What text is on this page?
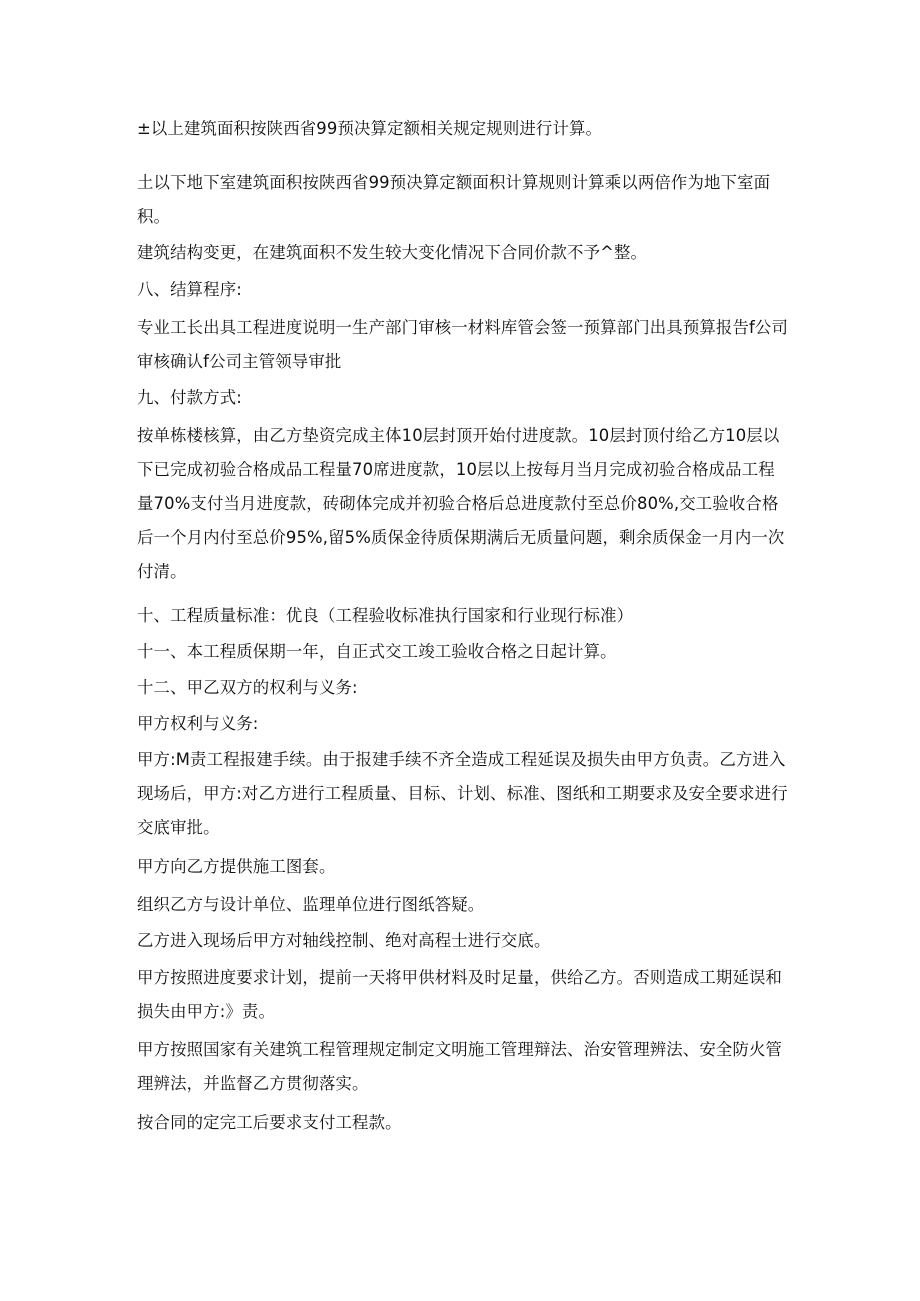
±以上建筑面积按陕西省99预决算定额相关规定规则进行计算。

土以下地下室建筑面积按陕西省99预决算定额面积计算规则计算乘以两倍作为地下室面积。

建筑结构变更，在建筑面积不发生较大变化情况下合同价款不予^整。

八、结算程序:

专业工长出具工程进度说明一生产部门审核一材料库管会签一预算部门出具预算报告f公司审核确认f公司主管领导审批

九、付款方式:

按单栋楼核算，由乙方垫资完成主体10层封顶开始付进度款。10层封顶付给乙方10层以下已完成初验合格成品工程量70席进度款，10层以上按每月当月完成初验合格成品工程量70%支付当月进度款，砖砌体完成并初验合格后总进度款付至总价80%,交工验收合格后一个月内付至总价95%,留5%质保金待质保期满后无质量问题，剩余质保金一月内一次付清。

十、工程质量标准：优良（工程验收标准执行国家和行业现行标准）

十一、本工程质保期一年，自正式交工竣工验收合格之日起计算。

十二、甲乙双方的权利与义务:

甲方权利与义务:

甲方:M责工程报建手续。由于报建手续不齐全造成工程延误及损失由甲方负责。乙方进入现场后，甲方:对乙方进行工程质量、目标、计划、标准、图纸和工期要求及安全要求进行交底审批。

甲方向乙方提供施工图套。

组织乙方与设计单位、监理单位进行图纸答疑。

乙方进入现场后甲方对轴线控制、绝对高程士进行交底。

甲方按照进度要求计划，提前一天将甲供材料及时足量，供给乙方。否则造成工期延误和损失由甲方:》责。

甲方按照国家有关建筑工程管理规定制定文明施工管理辩法、治安管理辨法、安全防火管理辨法，并监督乙方贯彻落实。

按合同的定完工后要求支付工程款。
